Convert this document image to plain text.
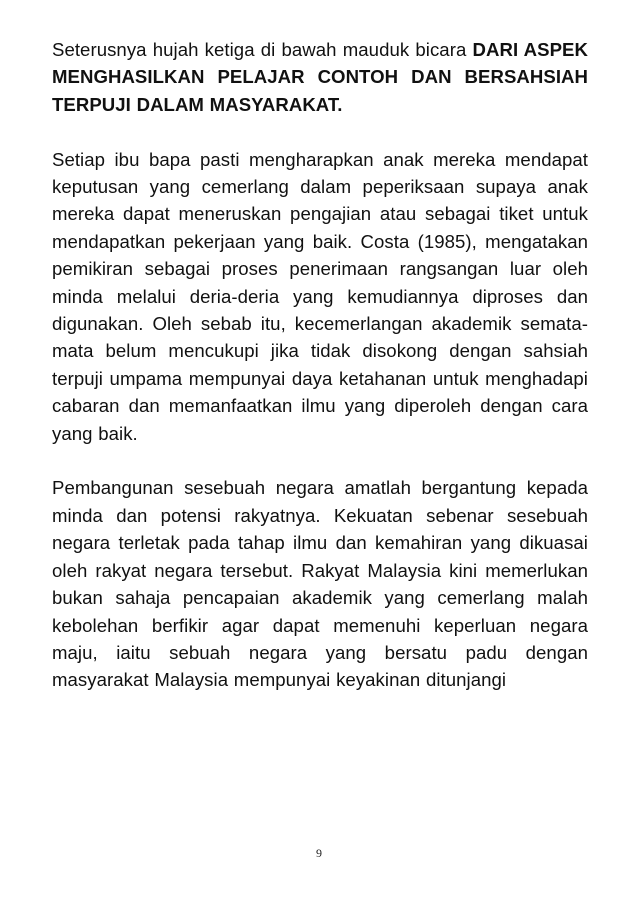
Seterusnya hujah ketiga di bawah mauduk bicara DARI ASPEK MENGHASILKAN PELAJAR CONTOH DAN BERSAHSIAH TERPUJI DALAM MASYARAKAT.

Setiap ibu bapa pasti mengharapkan anak mereka mendapat keputusan yang cemerlang dalam peperiksaan supaya anak mereka dapat meneruskan pengajian atau sebagai tiket untuk mendapatkan pekerjaan yang baik. Costa (1985), mengatakan pemikiran sebagai proses penerimaan rangsangan luar oleh minda melalui deria-deria yang kemudiannya diproses dan digunakan. Oleh sebab itu, kecemerlangan akademik semata-mata belum mencukupi jika tidak disokong dengan sahsiah terpuji umpama mempunyai daya ketahanan untuk menghadapi cabaran dan memanfaatkan ilmu yang diperoleh dengan cara yang baik.

Pembangunan sesebuah negara amatlah bergantung kepada minda dan potensi rakyatnya. Kekuatan sebenar sesebuah negara terletak pada tahap ilmu dan kemahiran yang dikuasai oleh rakyat negara tersebut. Rakyat Malaysia kini memerlukan bukan sahaja pencapaian akademik yang cemerlang malah kebolehan berfikir agar dapat memenuhi keperluan negara maju, iaitu sebuah negara yang bersatu padu dengan masyarakat Malaysia mempunyai keyakinan ditunjangi

9
